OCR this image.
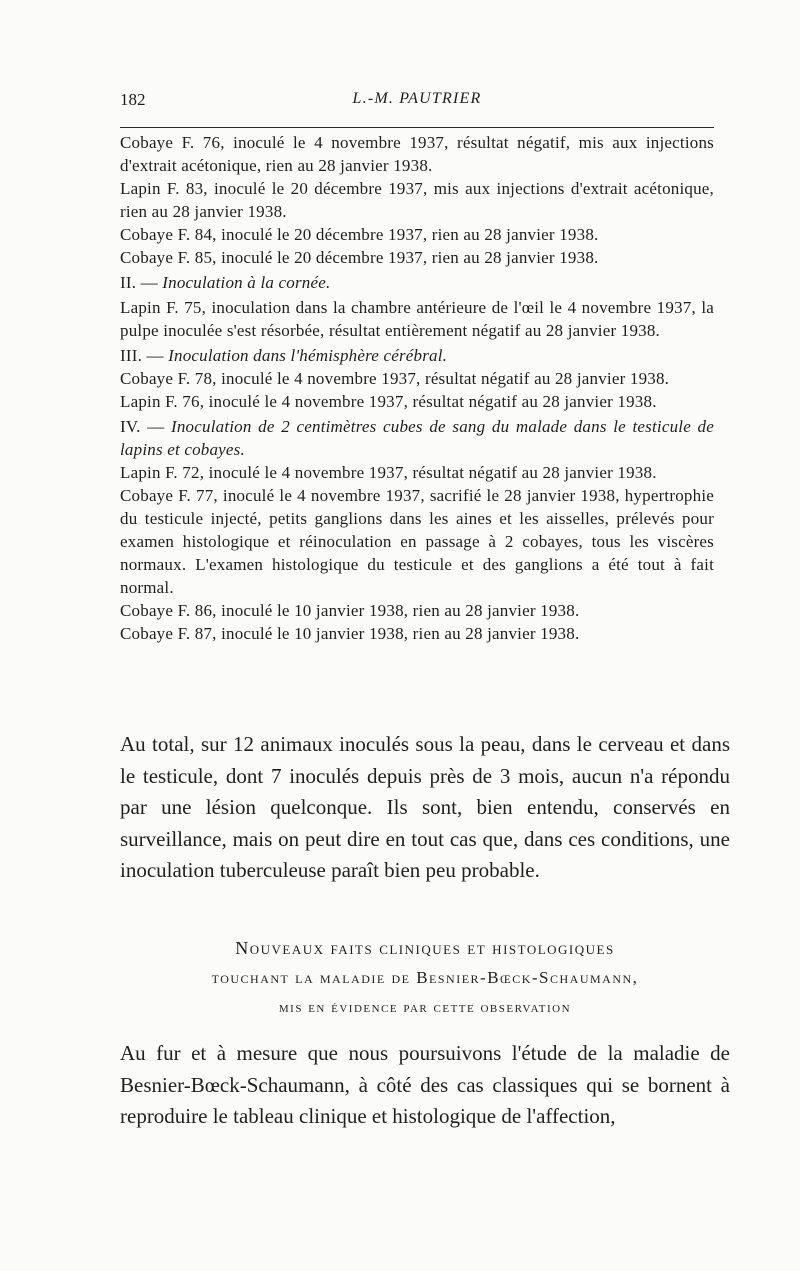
182	L.-M. PAUTRIER

Cobaye F. 76, inoculé le 4 novembre 1937, résultat négatif, mis aux injections d'extrait acétonique, rien au 28 janvier 1938.

Lapin F. 83, inoculé le 20 décembre 1937, mis aux injections d'extrait acétonique, rien au 28 janvier 1938.

Cobaye F. 84, inoculé le 20 décembre 1937, rien au 28 janvier 1938.

Cobaye F. 85, inoculé le 20 décembre 1937, rien au 28 janvier 1938.

II. — Inoculation à la cornée.

Lapin F. 75, inoculation dans la chambre antérieure de l'œil le 4 novembre 1937, la pulpe inoculée s'est résorbée, résultat entièrement négatif au 28 janvier 1938.

III. — Inoculation dans l'hémisphère cérébral.

Cobaye F. 78, inoculé le 4 novembre 1937, résultat négatif au 28 janvier 1938.

Lapin F. 76, inoculé le 4 novembre 1937, résultat négatif au 28 janvier 1938.

IV. — Inoculation de 2 centimètres cubes de sang du malade dans le testicule de lapins et cobayes.

Lapin F. 72, inoculé le 4 novembre 1937, résultat négatif au 28 janvier 1938.

Cobaye F. 77, inoculé le 4 novembre 1937, sacrifié le 28 janvier 1938, hypertrophie du testicule injecté, petits ganglions dans les aines et les aisselles, prélevés pour examen histologique et réinoculation en passage à 2 cobayes, tous les viscères normaux. L'examen histologique du testicule et des ganglions a été tout à fait normal.

Cobaye F. 86, inoculé le 10 janvier 1938, rien au 28 janvier 1938.

Cobaye F. 87, inoculé le 10 janvier 1938, rien au 28 janvier 1938.

Au total, sur 12 animaux inoculés sous la peau, dans le cerveau et dans le testicule, dont 7 inoculés depuis près de 3 mois, aucun n'a répondu par une lésion quelconque. Ils sont, bien entendu, conservés en surveillance, mais on peut dire en tout cas que, dans ces conditions, une inoculation tuberculeuse paraît bien peu probable.

Nouveaux faits cliniques et histologiques
touchant la maladie de Besnier-Bœck-Schaumann,
mis en évidence par cette observation

Au fur et à mesure que nous poursuivons l'étude de la maladie de Besnier-Bœck-Schaumann, à côté des cas classiques qui se bornent à reproduire le tableau clinique et histologique de l'affection,
